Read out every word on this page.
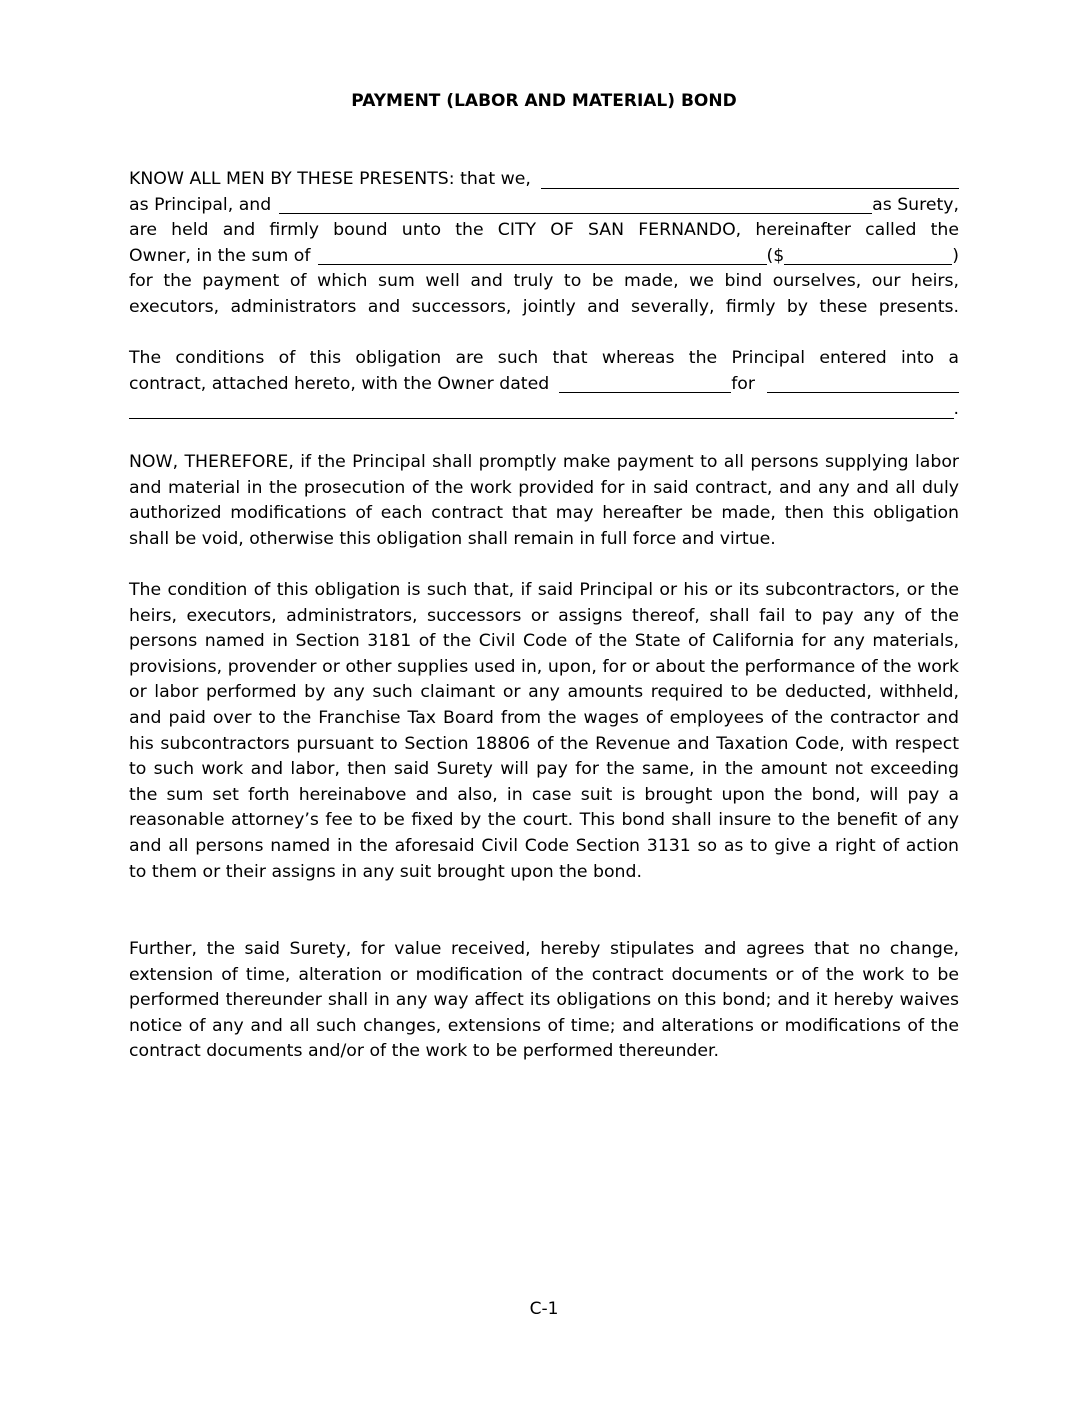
PAYMENT (LABOR AND MATERIAL) BOND
KNOW ALL MEN BY THESE PRESENTS: that we,
as Principal, and	as Surety,
are held and firmly bound unto the CITY OF SAN FERNANDO, hereinafter called the
Owner, in the sum of	($	)
for the payment of which sum well and truly to be made, we bind ourselves, our heirs,
executors, administrators and successors, jointly and severally, firmly by these presents.
The conditions of this obligation are such that whereas the Principal entered into a
contract, attached hereto, with the Owner dated	for
.
NOW, THEREFORE, if the Principal shall promptly make payment to all persons supplying labor and material in the prosecution of the work provided for in said contract, and any and all duly authorized modifications of each contract that may hereafter be made, then this obligation shall be void, otherwise this obligation shall remain in full force and virtue.
The condition of this obligation is such that, if said Principal or his or its subcontractors, or the heirs, executors, administrators, successors or assigns thereof, shall fail to pay any of the persons named in Section 3181 of the Civil Code of the State of California for any materials, provisions, provender or other supplies used in, upon, for or about the performance of the work or labor performed by any such claimant or any amounts required to be deducted, withheld, and paid over to the Franchise Tax Board from the wages of employees of the contractor and his subcontractors pursuant to Section 18806 of the Revenue and Taxation Code, with respect to such work and labor, then said Surety will pay for the same, in the amount not exceeding the sum set forth hereinabove and also, in case suit is brought upon the bond, will pay a reasonable attorney’s fee to be fixed by the court. This bond shall insure to the benefit of any and all persons named in the aforesaid Civil Code Section 3131 so as to give a right of action to them or their assigns in any suit brought upon the bond.
Further, the said Surety, for value received, hereby stipulates and agrees that no change, extension of time, alteration or modification of the contract documents or of the work to be performed thereunder shall in any way affect its obligations on this bond; and it hereby waives notice of any and all such changes, extensions of time; and alterations or modifications of the contract documents and/or of the work to be performed thereunder.
C-1
